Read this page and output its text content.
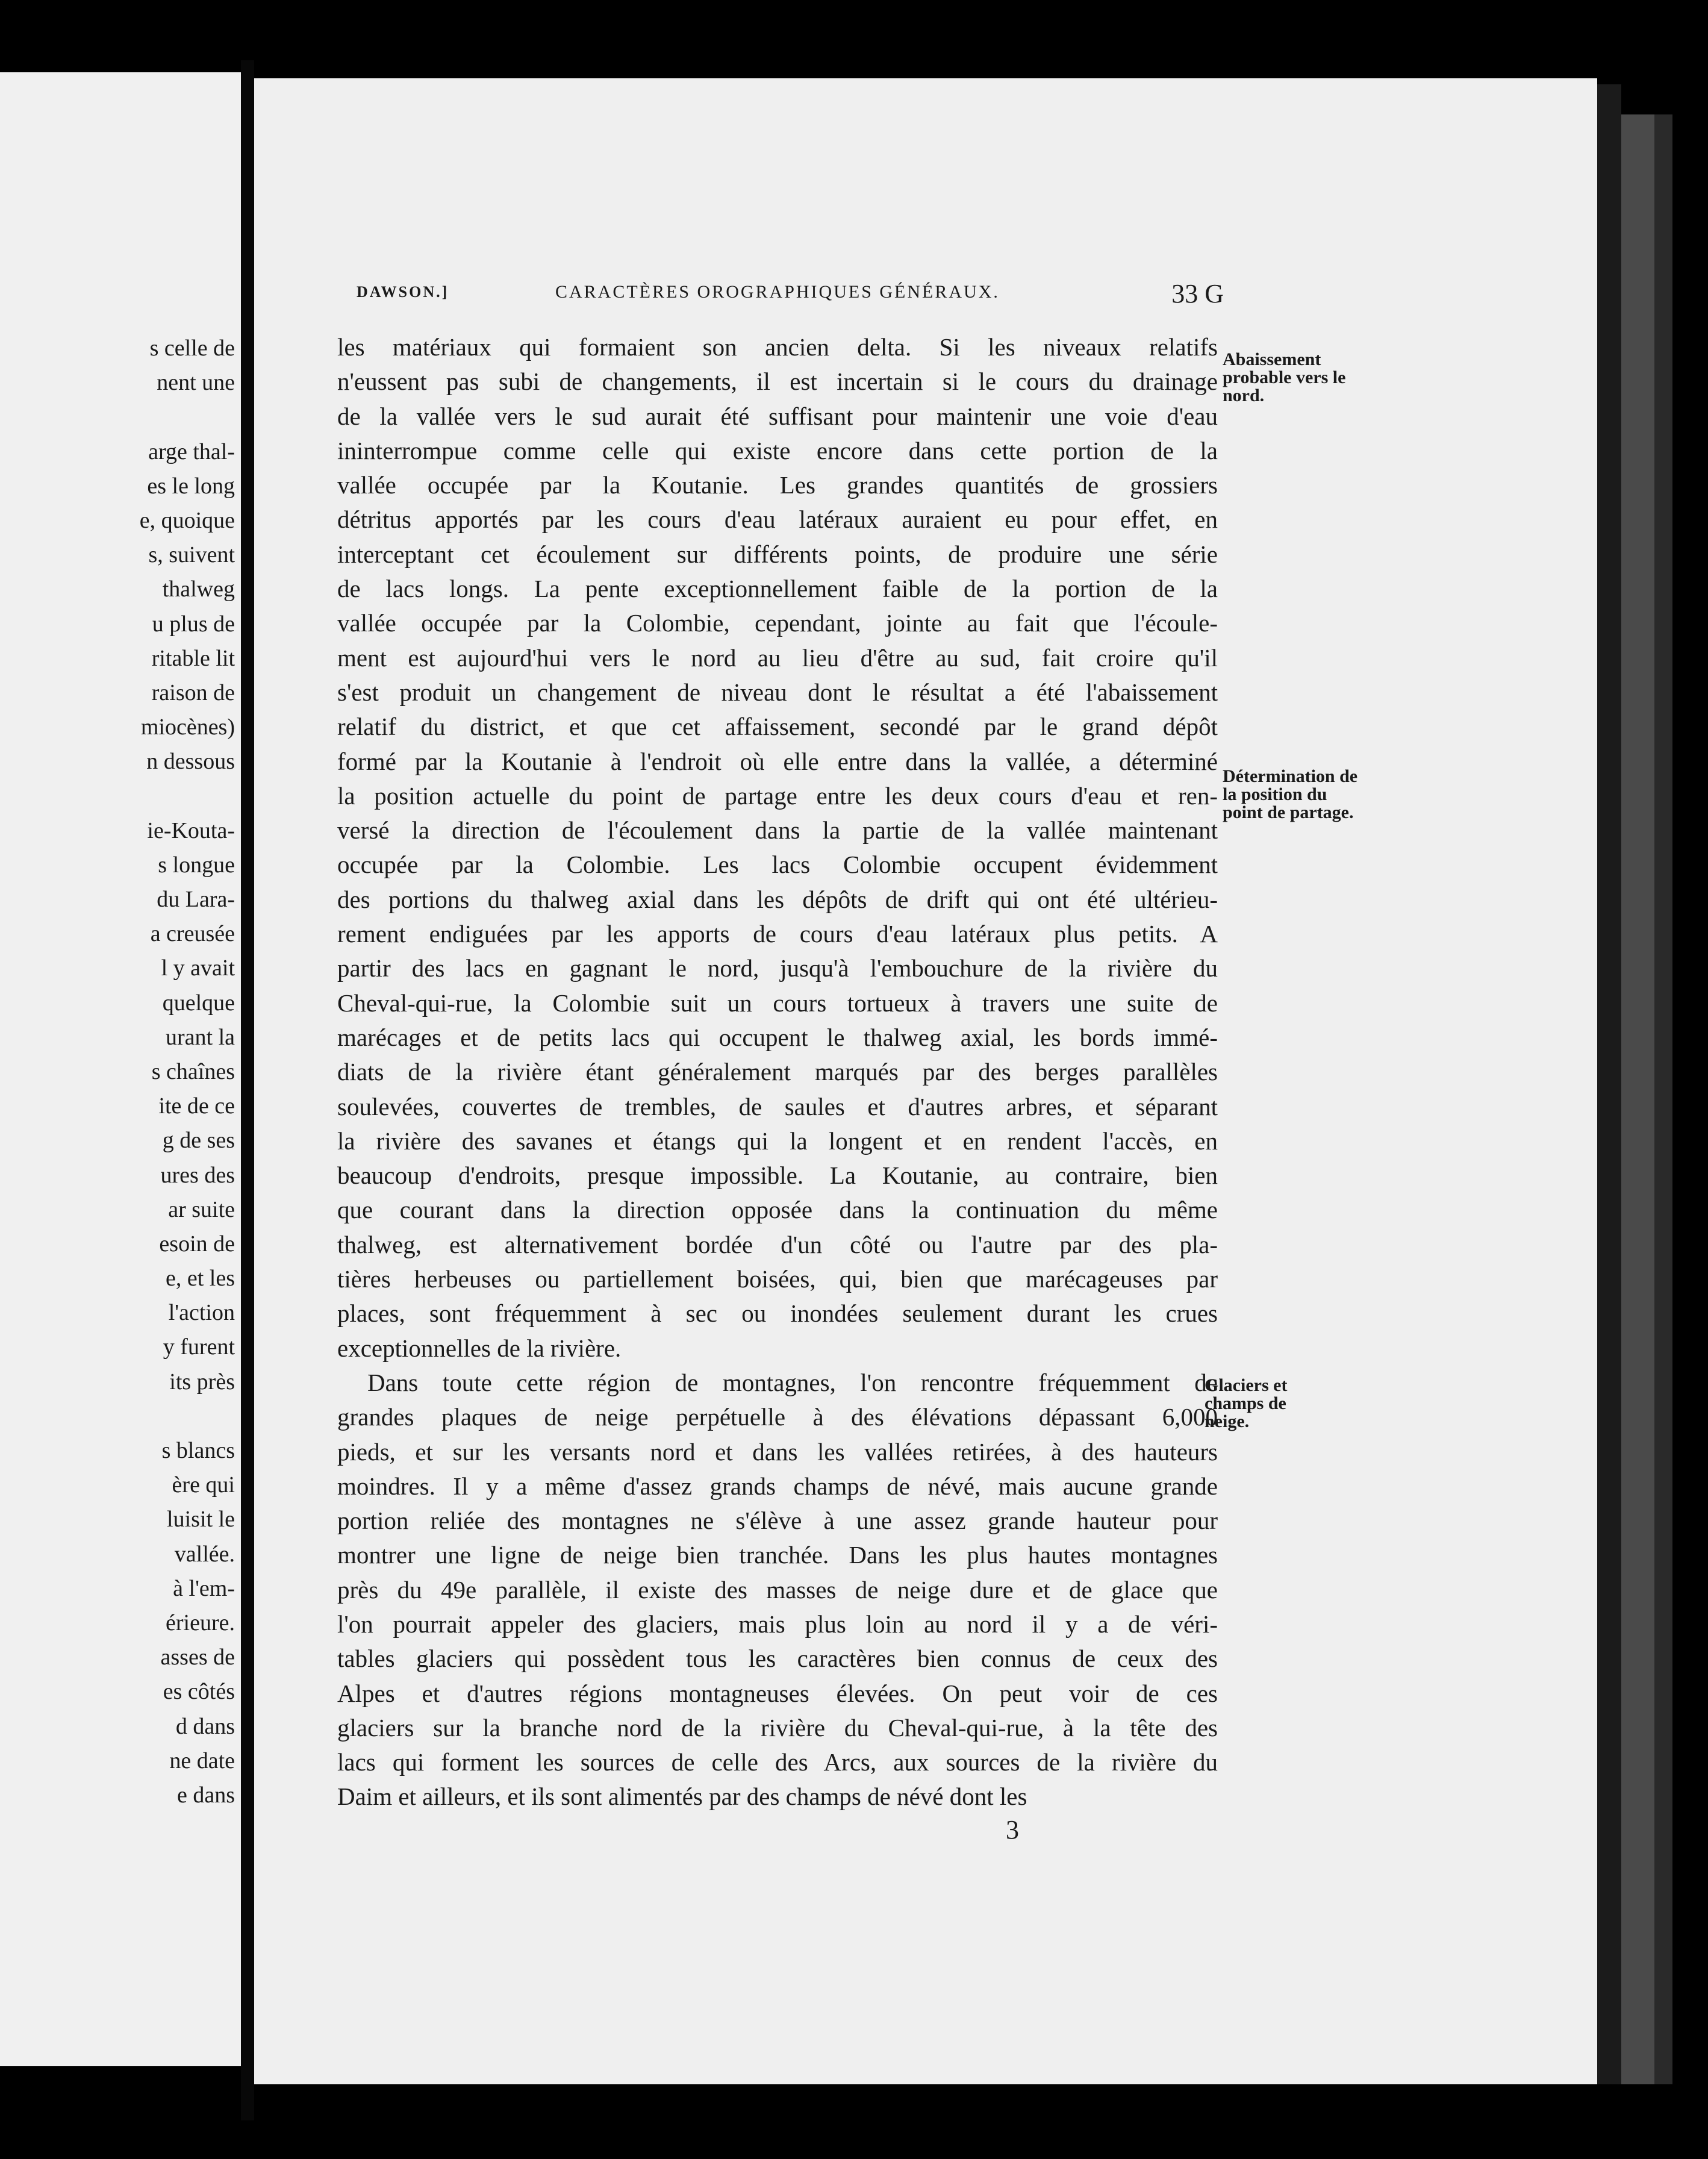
s celle de
nent une
arge thal-
es le long
e, quoique
s, suivent
thalweg
u plus de
ritable lit
raison de
miocènes)
n dessous
ie-Kouta-
s longue
du Lara-
a creusée
l y avait
quelque
urant la
s chaînes
ite de ce
g de ses
ures des
ar suite
esoin de
e, et les
l'action
y furent
its près
s blancs
ère qui
luisit le
vallée.
à l'em-
érieure.
asses de
es côtés
d dans
ne date
e dans
DAWSON.]	CARACTÈRES OROGRAPHIQUES GÉNÉRAUX.	33 G
les matériaux qui formaient son ancien delta. Si les niveaux relatifs
n'eussent pas subi de changements, il est incertain si le cours du drainage
de la vallée vers le sud aurait été suffisant pour maintenir une voie d'eau
ininterrompue comme celle qui existe encore dans cette portion de la
vallée occupée par la Koutanie. Les grandes quantités de grossiers
détritus apportés par les cours d'eau latéraux auraient eu pour effet, en
interceptant cet écoulement sur différents points, de produire une série
de lacs longs. La pente exceptionnellement faible de la portion de la
vallée occupée par la Colombie, cependant, jointe au fait que l'écoule-
ment est aujourd'hui vers le nord au lieu d'être au sud, fait croire qu'il
s'est produit un changement de niveau dont le résultat a été l'abaissement
relatif du district, et que cet affaissement, secondé par le grand dépôt
formé par la Koutanie à l'endroit où elle entre dans la vallée, a déterminé
la position actuelle du point de partage entre les deux cours d'eau et ren-
versé la direction de l'écoulement dans la partie de la vallée maintenant
occupée par la Colombie. Les lacs Colombie occupent évidemment
des portions du thalweg axial dans les dépôts de drift qui ont été ultérieu-
rement endiguées par les apports de cours d'eau latéraux plus petits. A
partir des lacs en gagnant le nord, jusqu'à l'embouchure de la rivière du
Cheval-qui-rue, la Colombie suit un cours tortueux à travers une suite de
marécages et de petits lacs qui occupent le thalweg axial, les bords immé-
diats de la rivière étant généralement marqués par des berges parallèles
soulevées, couvertes de trembles, de saules et d'autres arbres, et séparant
la rivière des savanes et étangs qui la longent et en rendent l'accès, en
beaucoup d'endroits, presque impossible. La Koutanie, au contraire, bien
que courant dans la direction opposée dans la continuation du même
thalweg, est alternativement bordée d'un côté ou l'autre par des pla-
tières herbeuses ou partiellement boisées, qui, bien que marécageuses par
places, sont fréquemment à sec ou inondées seulement durant les crues
exceptionnelles de la rivière.
Dans toute cette région de montagnes, l'on rencontre fréquemment de
grandes plaques de neige perpétuelle à des élévations dépassant 6,000
pieds, et sur les versants nord et dans les vallées retirées, à des hauteurs
moindres. Il y a même d'assez grands champs de névé, mais aucune grande
portion reliée des montagnes ne s'élève à une assez grande hauteur pour
montrer une ligne de neige bien tranchée. Dans les plus hautes montagnes
près du 49e parallèle, il existe des masses de neige dure et de glace que
l'on pourrait appeler des glaciers, mais plus loin au nord il y a de véri-
tables glaciers qui possèdent tous les caractères bien connus de ceux des
Alpes et d'autres régions montagneuses élevées. On peut voir de ces
glaciers sur la branche nord de la rivière du Cheval-qui-rue, à la tête des
lacs qui forment les sources de celle des Arcs, aux sources de la rivière du
Daim et ailleurs, et ils sont alimentés par des champs de névé dont les
Abaissement probable vers le nord.
Détermination de la position du point de partage.
Glaciers et champs de neige.
3
